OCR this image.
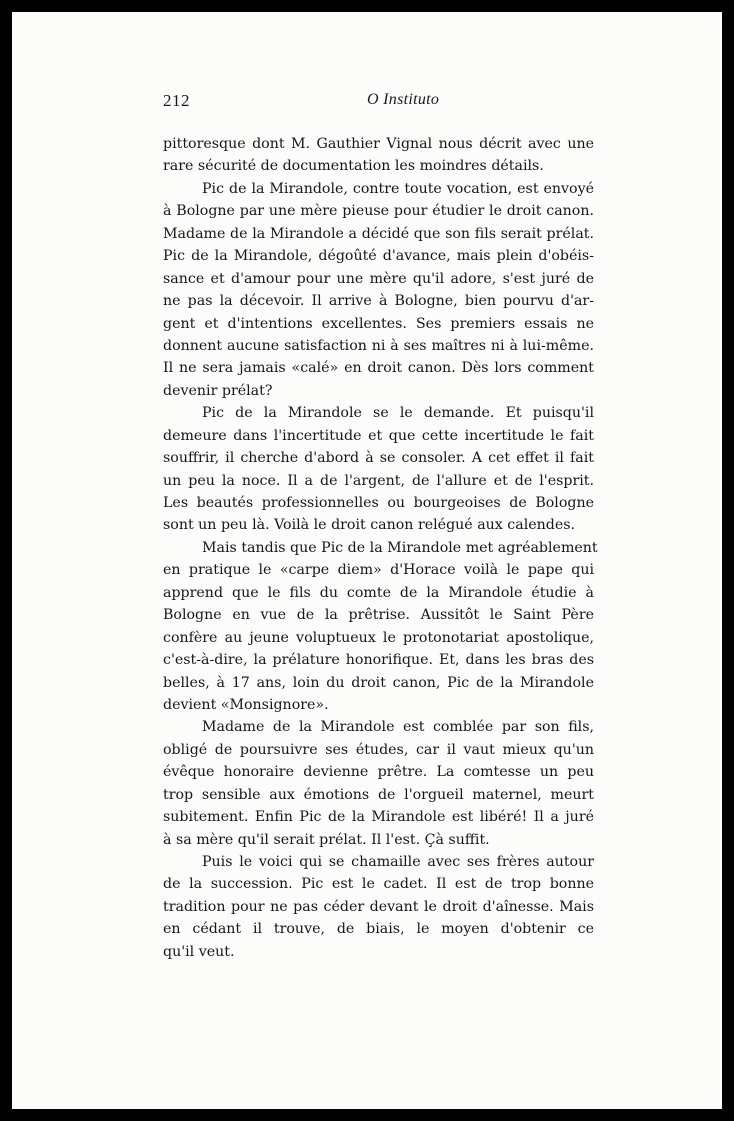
212	O Instituto
pittoresque dont M. Gauthier Vignal nous décrit avec une
rare sécurité de documentation les moindres détails.
Pic de la Mirandole, contre toute vocation, est envoyé
à Bologne par une mère pieuse pour étudier le droit canon.
Madame de la Mirandole a décidé que son fils serait prélat.
Pic de la Mirandole, dégoûté d'avance, mais plein d'obéis-
sance et d'amour pour une mère qu'il adore, s'est juré de
ne pas la décevoir. Il arrive à Bologne, bien pourvu d'ar-
gent et d'intentions excellentes. Ses premiers essais ne
donnent aucune satisfaction ni à ses maîtres ni à lui-même.
Il ne sera jamais «calé» en droit canon. Dès lors comment
devenir prélat?
Pic de la Mirandole se le demande. Et puisqu'il
demeure dans l'incertitude et que cette incertitude le fait
souffrir, il cherche d'abord à se consoler. A cet effet il fait
un peu la noce. Il a de l'argent, de l'allure et de l'esprit.
Les beautés professionnelles ou bourgeoises de Bologne
sont un peu là. Voilà le droit canon relégué aux calendes.
Mais tandis que Pic de la Mirandole met agréablement
en pratique le «carpe diem» d'Horace voilà le pape qui
apprend que le fils du comte de la Mirandole étudie à
Bologne en vue de la prêtrise. Aussitôt le Saint Père
confère au jeune voluptueux le protonotariat apostolique,
c'est-à-dire, la prélature honorifique. Et, dans les bras des
belles, à 17 ans, loin du droit canon, Pic de la Mirandole
devient «Monsignore».
Madame de la Mirandole est comblée par son fils,
obligé de poursuivre ses études, car il vaut mieux qu'un
évêque honoraire devienne prêtre. La comtesse un peu
trop sensible aux émotions de l'orgueil maternel, meurt
subitement. Enfin Pic de la Mirandole est libéré! Il a juré
à sa mère qu'il serait prélat. Il l'est. Çà suffit.
Puis le voici qui se chamaille avec ses frères autour
de la succession. Pic est le cadet. Il est de trop bonne
tradition pour ne pas céder devant le droit d'aînesse. Mais
en cédant il trouve, de biais, le moyen d'obtenir ce
qu'il veut.
